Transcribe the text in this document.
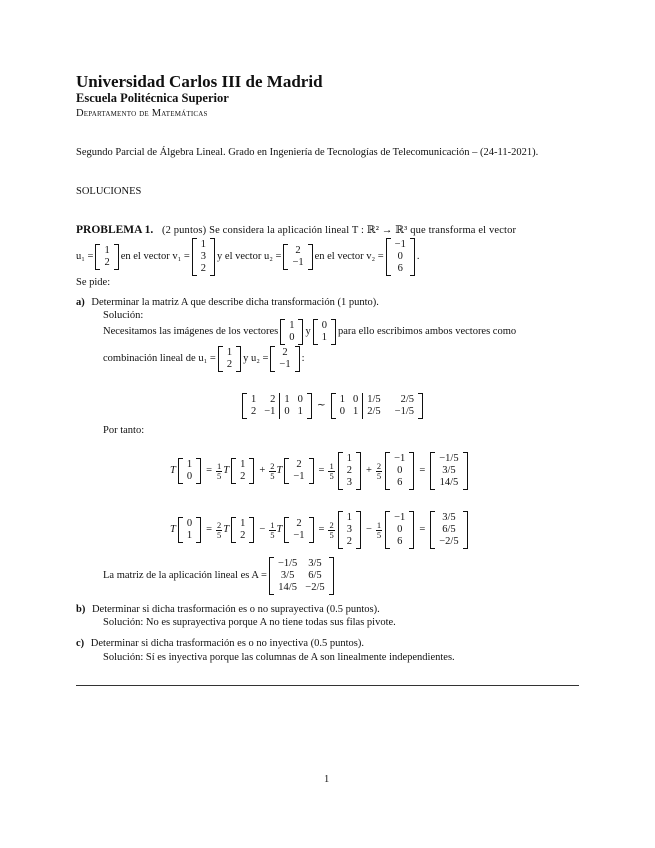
Universidad Carlos III de Madrid
Escuela Politécnica Superior
Departamento de Matemáticas
Segundo Parcial de Álgebra Lineal. Grado en Ingeniería de Tecnologías de Telecomunicación – (24-11-2021).
SOLUCIONES
PROBLEMA 1. (2 puntos) Se considera la aplicación lineal T : ℝ² → ℝ³ que transforma el vector
u₁ =
1
2
en el vector v₁ =
1
3
2
y el vector u₂ =
2
−1
en el vector v₂ =
−1
0
6
.
Se pide:
a) Determinar la matriz A que describe dicha transformación (1 punto).
Solución:
Necesitamos las imágenes de los vectores
1
0
y
0
1
para ello escribimos ambos vectores como
combinación lineal de u₁ =
1
2
y u₂ =
2
−1
:
1
2
2
−1
1
0
0
1
∼
1
0
0
1
1/5
2/5
2/5
−1/5
Por tanto:
T
1
0
= $\frac{1}{5}$ T
1
2
+ $\frac{2}{5}$ T
2
−1
= $\frac{1}{5}$
1
2
3
+ $\frac{2}{5}$
−1
0
6
=
−1/5
3/5
14/5
T
0
1
= $\frac{2}{5}$ T
1
2
− $\frac{1}{5}$ T
2
−1
= $\frac{2}{5}$
1
3
2
− $\frac{1}{5}$
−1
0
6
=
3/5
6/5
−2/5
La matriz de la aplicación lineal es A =
−1/5
3/5
14/5
3/5
6/5
−2/5
b) Determinar si dicha trasformación es o no suprayectiva (0.5 puntos).
Solución: No es suprayectiva porque A no tiene todas sus filas pivote.
c) Determinar si dicha trasformación es o no inyectiva (0.5 puntos).
Solución: Sí es inyectiva porque las columnas de A son linealmente independientes.
1
